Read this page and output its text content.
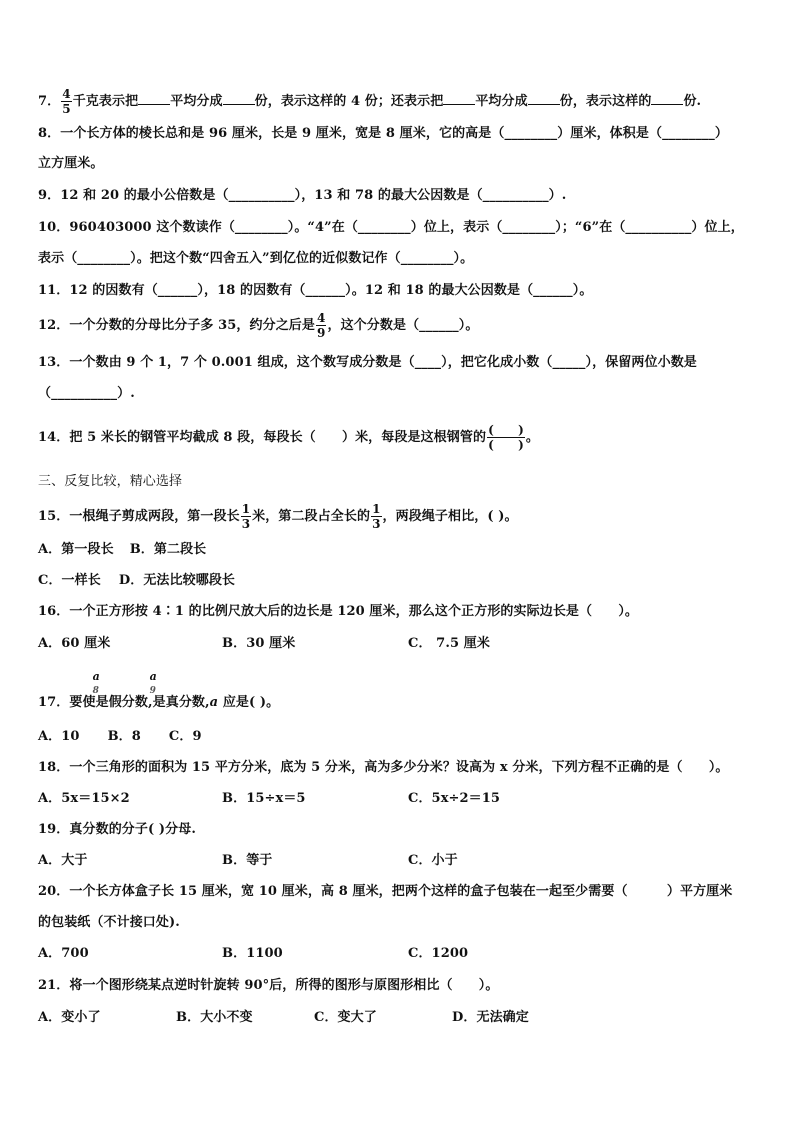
7． $\frac{4}{5}$ 千克表示把 平均分成 份，表示这样的 4 份；还表示把 平均分成 份，表示这样的 份.
8．一个长方体的棱长总和是 96 厘米，长是 9 厘米，宽是 8 厘米，它的高是（________）厘米，体积是（________）
立方厘米。
9．12 和 20 的最小公倍数是（__________），13 和 78 的最大公因数是（__________）.
10．960403000 这个数读作（________）。“4”在（________）位上，表示（________）；“6”在（__________）位上，
表示（________）。把这个数“四舍五入”到亿位的近似数记作（________）。
11．12 的因数有（______），18 的因数有（______）。12 和 18 的最大公因数是（______）。
12．一个分数的分母比分子多 35，约分之后是 $\frac{4}{9}$ ，这个分数是（______）。
13．一个数由 9 个 1，7 个 0.001 组成，这个数写成分数是（____），把它化成小数（_____），保留两位小数是
（__________）.
14．把 5 米长的钢管平均截成 8 段，每段长（　　）米，每段是这根钢管的 $\frac{( )}{( )}$ 。
三、反复比较，精心选择
15．一根绳子剪成两段，第一段长 $\frac{1}{3}$ 米，第二段占全长的 $\frac{1}{3}$ ，两段绳子相比，( )。
A．第一段长 B．第二段长
C．一样长 D．无法比较哪段长
16．一个正方形按 4∶1 的比例尺放大后的边长是 120 厘米，那么这个正方形的实际边长是（　　）。
A．60 厘米	B．30 厘米	C． 7.5 厘米
17．要使
a
8
是假分数,
a
9
是真分数,a 应是( )。
A．10 B．8 C．9
18．一个三角形的面积为 15 平方分米，底为 5 分米，高为多少分米？设高为 x 分米，下列方程不正确的是（　　）。
A．5x＝15×2	B．15÷x＝5	C．5x÷2＝15
19．真分数的分子( )分母.
A．大于	B．等于	C．小于
20．一个长方体盒子长 15 厘米，宽 10 厘米，高 8 厘米，把两个这样的盒子包装在一起至少需要（　　　）平方厘米
的包装纸（不计接口处).
A．700	B．1100	C．1200
21．将一个图形绕某点逆时针旋转 90°后，所得的图形与原图形相比（　　）。
A．变小了	B．大小不变	C．变大了	D．无法确定
